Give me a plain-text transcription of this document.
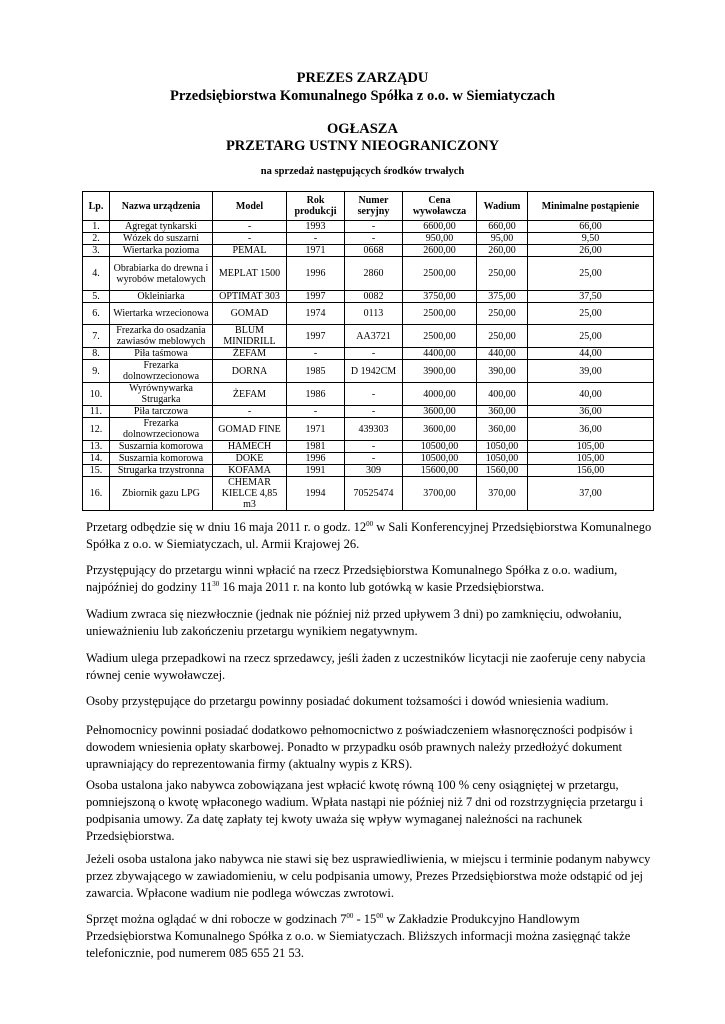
PREZES ZARZĄDU
Przedsiębiorstwa Komunalnego Spółka z o.o. w Siemiatyczach
OGŁASZA
PRZETARG USTNY NIEOGRANICZONY
na sprzedaż następujących środków trwałych
Lp.	Nazwa urządzenia	Model	Rok produkcji	Numer seryjny	Cena wywoławcza	Wadium	Minimalne postąpienie
1.	Agregat tynkarski	-	1993	-	6600,00	660,00	66,00
2.	Wózek do suszarni	-	-	-	950,00	95,00	9,50
3.	Wiertarka pozioma	PEMAL	1971	0668	2600,00	260,00	26,00
4.	Obrabiarka do drewna i wyrobów metalowych	MEPLAT 1500	1996	2860	2500,00	250,00	25,00
5.	Okleiniarka	OPTIMAT 303	1997	0082	3750,00	375,00	37,50
6.	Wiertarka wrzecionowa	GOMAD	1974	0113	2500,00	250,00	25,00
7.	Frezarka do osadzania zawiasów meblowych	BLUM MINIDRILL	1997	AA3721	2500,00	250,00	25,00
8.	Piła taśmowa	ŻEFAM	-	-	4400,00	440,00	44,00
9.	Frezarka dolnowrzecionowa	DORNA	1985	D 1942CM	3900,00	390,00	39,00
10.	Wyrównywarka Strugarka	ŻEFAM	1986	-	4000,00	400,00	40,00
11.	Piła tarczowa	-	-	-	3600,00	360,00	36,00
12.	Frezarka dolnowrzecionowa	GOMAD FINE	1971	439303	3600,00	360,00	36,00
13.	Suszarnia komorowa	HAMECH	1981	-	10500,00	1050,00	105,00
14.	Suszarnia komorowa	DOKE	1996	-	10500,00	1050,00	105,00
15.	Strugarka trzystronna	KOFAMA	1991	309	15600,00	1560,00	156,00
16.	Zbiornik gazu LPG	CHEMAR KIELCE 4,85 m3	1994	70525474	3700,00	370,00	37,00

Przetarg odbędzie się w dniu 16 maja 2011 r. o godz. $12^{00}$ w Sali Konferencyjnej Przedsiębiorstwa Komunalnego Spółka z o.o. w Siemiatyczach, ul. Armii Krajowej 26.

Przystępujący do przetargu winni wpłacić na rzecz Przedsiębiorstwa Komunalnego Spółka z o.o. wadium, najpóźniej do godziny $11^{30}$ 16 maja 2011 r. na konto lub gotówką w kasie Przedsiębiorstwa.

Wadium zwraca się niezwłocznie (jednak nie później niż przed upływem 3 dni) po zamknięciu, odwołaniu, unieważnieniu lub zakończeniu przetargu wynikiem negatywnym.

Wadium ulega przepadkowi na rzecz sprzedawcy, jeśli żaden z uczestników licytacji nie zaoferuje ceny nabycia równej cenie wywoławczej.

Osoby przystępujące do przetargu powinny posiadać dokument tożsamości i dowód wniesienia wadium.

Pełnomocnicy powinni posiadać dodatkowo pełnomocnictwo z poświadczeniem własnoręczności podpisów i dowodem wniesienia opłaty skarbowej. Ponadto w przypadku osób prawnych należy przedłożyć dokument uprawniający do reprezentowania firmy (aktualny wypis z KRS).

Osoba ustalona jako nabywca zobowiązana jest wpłacić kwotę równą 100 % ceny osiągniętej w przetargu, pomniejszoną o kwotę wpłaconego wadium. Wpłata nastąpi nie później niż 7 dni od rozstrzygnięcia przetargu i podpisania umowy. Za datę zapłaty tej kwoty uważa się wpływ wymaganej należności na rachunek Przedsiębiorstwa.

Jeżeli osoba ustalona jako nabywca nie stawi się bez usprawiedliwienia, w miejscu i terminie podanym nabywcy przez zbywającego w zawiadomieniu, w celu podpisania umowy, Prezes Przedsiębiorstwa może odstąpić od jej zawarcia. Wpłacone wadium nie podlega wówczas zwrotowi.

Sprzęt można oglądać w dni robocze w godzinach $7^{00} - 15^{00}$ w Zakładzie Produkcyjno Handlowym Przedsiębiorstwa Komunalnego Spółka z o.o. w Siemiatyczach. Bliższych informacji można zasięgnąć także telefonicznie, pod numerem 085 655 21 53.
